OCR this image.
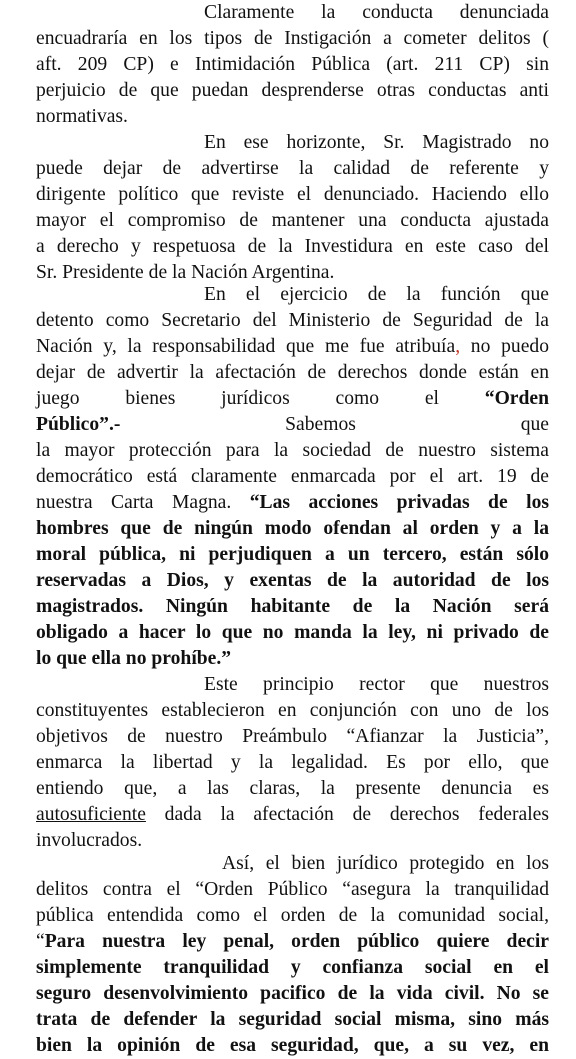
Claramente la conducta denunciada
encuadraría en los tipos de Instigación a cometer delitos (
aft. 209 CP) e Intimidación Pública (art. 211 CP) sin
perjuicio de que puedan desprenderse otras conductas anti
normativas.
En ese horizonte, Sr. Magistrado no
puede dejar de advertirse la calidad de referente y
dirigente político que reviste el denunciado. Haciendo ello
mayor el compromiso de mantener una conducta ajustada
a derecho y respetuosa de la Investidura en este caso del
Sr. Presidente de la Nación Argentina.
En el ejercicio de la función que
detento como Secretario del Ministerio de Seguridad de la
Nación y, la responsabilidad que me fue atribuía, no puedo
dejar de advertir la afectación de derechos donde están en
juego bienes jurídicos como el “Orden
Público”.- Sabemos que
la mayor protección para la sociedad de nuestro sistema
democrático está claramente enmarcada por el art. 19 de
nuestra Carta Magna. “Las acciones privadas de los
hombres que de ningún modo ofendan al orden y a la
moral pública, ni perjudiquen a un tercero, están sólo
reservadas a Dios, y exentas de la autoridad de los
magistrados. Ningún habitante de la Nación será
obligado a hacer lo que no manda la ley, ni privado de
lo que ella no prohíbe.”
Este principio rector que nuestros
constituyentes establecieron en conjunción con uno de los
objetivos de nuestro Preámbulo “Afianzar la Justicia”,
enmarca la libertad y la legalidad. Es por ello, que
entiendo que, a las claras, la presente denuncia es
autosuficiente dada la afectación de derechos federales
involucrados.
Así, el bien jurídico protegido en los
delitos contra el “Orden Público “asegura la tranquilidad
pública entendida como el orden de la comunidad social,
“Para nuestra ley penal, orden público quiere decir
simplemente tranquilidad y confianza social en el
seguro desenvolvimiento pacifico de la vida civil. No se
trata de defender la seguridad social misma, sino más
bien la opinión de esa seguridad, que, a su vez, en
